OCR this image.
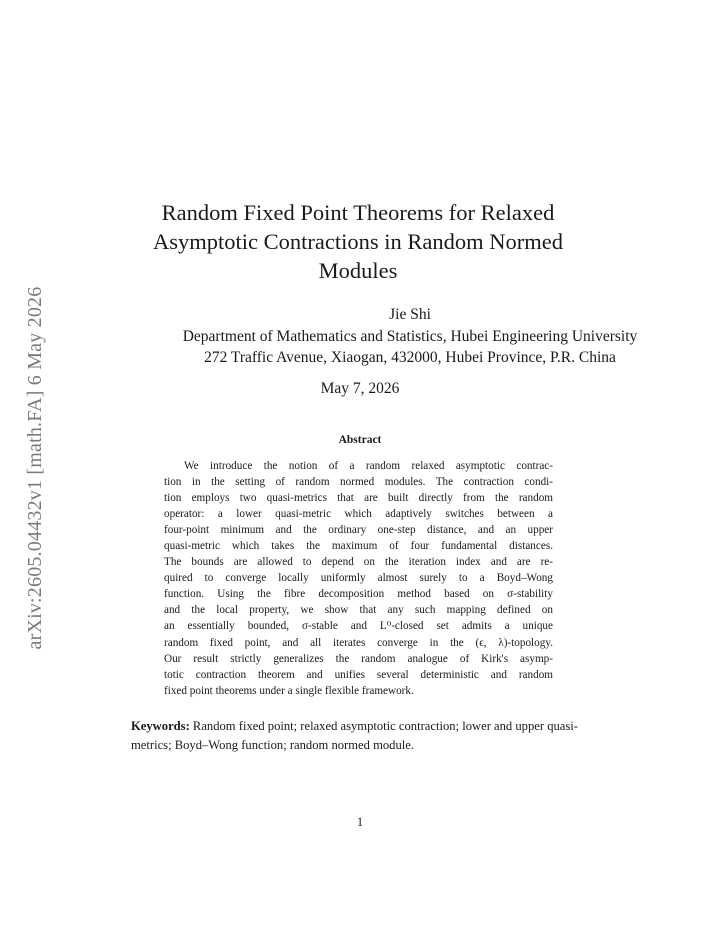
arXiv:2605.04432v1 [math.FA] 6 May 2026
Random Fixed Point Theorems for Relaxed
Asymptotic Contractions in Random Normed
Modules
Jie Shi
Department of Mathematics and Statistics, Hubei Engineering University
272 Traffic Avenue, Xiaogan, 432000, Hubei Province, P.R. China
May 7, 2026
Abstract
We introduce the notion of a random relaxed asymptotic contrac-
tion in the setting of random normed modules. The contraction condi-
tion employs two quasi-metrics that are built directly from the random
operator: a lower quasi-metric which adaptively switches between a
four-point minimum and the ordinary one-step distance, and an upper
quasi-metric which takes the maximum of four fundamental distances.
The bounds are allowed to depend on the iteration index and are re-
quired to converge locally uniformly almost surely to a Boyd–Wong
function. Using the fibre decomposition method based on σ-stability
and the local property, we show that any such mapping defined on
an essentially bounded, σ-stable and L⁰-closed set admits a unique
random fixed point, and all iterates converge in the (ϵ, λ)-topology.
Our result strictly generalizes the random analogue of Kirk's asymp-
totic contraction theorem and unifies several deterministic and random
fixed point theorems under a single flexible framework.
Keywords: Random fixed point; relaxed asymptotic contraction; lower and upper quasi-metrics; Boyd–Wong function; random normed module.
1
